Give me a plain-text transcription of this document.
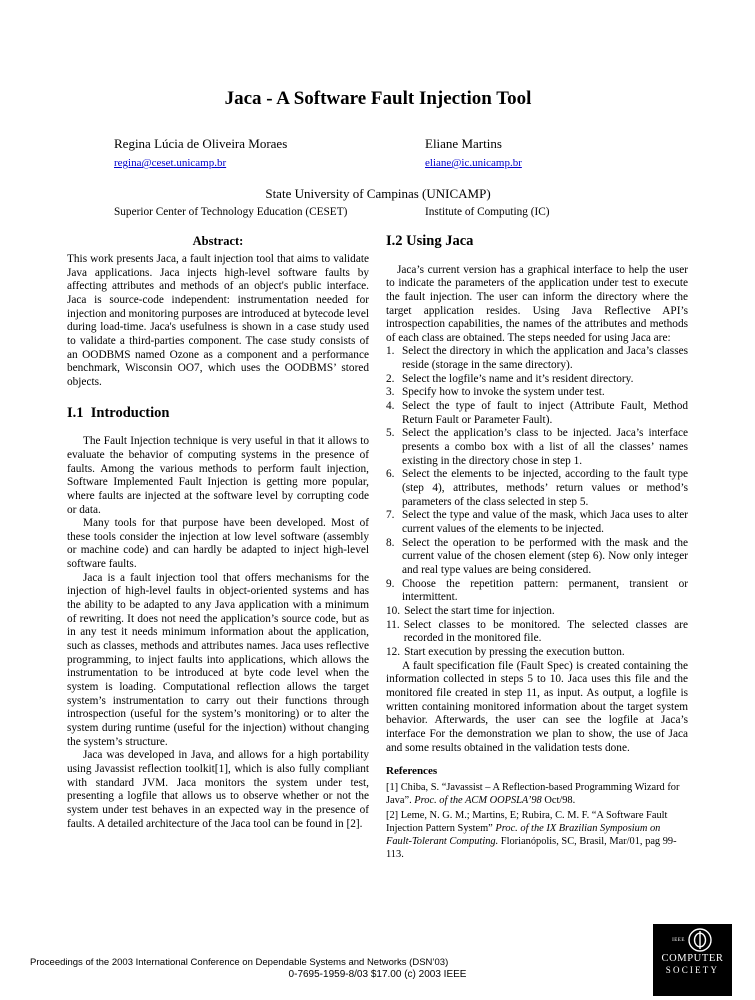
Jaca - A Software Fault Injection Tool
Regina Lúcia de Oliveira Moraes
regina@ceset.unicamp.br
Eliane Martins
eliane@ic.unicamp.br
State University of Campinas (UNICAMP)
Superior Center of Technology Education (CESET)	Institute of Computing (IC)
Abstract:

This work presents Jaca, a fault injection tool that aims to validate Java applications. Jaca injects high-level software faults by affecting attributes and methods of an object's public interface. Jaca is source-code independent: instrumentation needed for injection and monitoring purposes are introduced at bytecode level during load-time. Jaca's usefulness is shown in a case study used to validate a third-parties component. The case study consists of an OODBMS named Ozone as a component and a performance benchmark, Wisconsin OO7, which uses the OODBMS’ stored objects.

I.1  Introduction

The Fault Injection technique is very useful in that it allows to evaluate the behavior of computing systems in the presence of faults. Among the various methods to perform fault injection, Software Implemented Fault Injection is getting more popular, where faults are injected at the software level by corrupting code or data.

Many tools for that purpose have been developed. Most of these tools consider the injection at low level software (assembly or machine code) and can hardly be adapted to inject high-level software faults.

Jaca is a fault injection tool that offers mechanisms for the injection of high-level faults in object-oriented systems and has the ability to be adapted to any Java application with a minimum of rewriting. It does not need the application’s source code, but as in any test it needs minimum information about the application, such as classes, methods and attributes names. Jaca uses reflective programming, to inject faults into applications, which allows the instrumentation to be introduced at byte code level when the system is loading. Computational reflection allows the target system’s instrumentation to carry out their functions through introspection (useful for the system’s monitoring) or to alter the system during runtime (useful for the injection) without changing the system’s structure.

Jaca was developed in Java, and allows for a high portability using Javassist reflection toolkit[1], which is also fully compliant with standard JVM. Jaca monitors the system under test, presenting a logfile that allows us to observe whether or not the system under test behaves in an expected way in the presence of faults. A detailed architecture of the Jaca tool can be found in [2].

I.2 Using Jaca

Jaca’s current version has a graphical interface to help the user to indicate the parameters of the application under test to execute the fault injection. The user can inform the directory where the target application resides. Using Java Reflective API’s introspection capabilities, the names of the attributes and methods of each class are obtained. The steps needed for using Jaca are:

1. Select the directory in which the application and Jaca’s classes reside (storage in the same directory).
2. Select the logfile’s name and it’s resident directory.
3. Specify how to invoke the system under test.
4. Select the type of fault to inject (Attribute Fault, Method Return Fault or Parameter Fault).
5. Select the application’s class to be injected. Jaca’s interface presents a combo box with a list of all the classes’ names existing in the directory chose in step 1.
6. Select the elements to be injected, according to the fault type (step 4), attributes, methods’ return values or method’s parameters of the class selected in step 5.
7. Select the type and value of the mask, which Jaca uses to alter current values of the elements to be injected.
8. Select the operation to be performed with the mask and the current value of the chosen element (step 6). Now only integer and real type values are being considered.
9. Choose the repetition pattern: permanent, transient or intermittent.
10. Select the start time for injection.
11. Select classes to be monitored. The selected classes are recorded in the monitored file.
12. Start execution by pressing the execution button.

A fault specification file (Fault Spec) is created containing the information collected in steps 5 to 10. Jaca uses this file and the monitored file created in step 11, as input. As output, a logfile is written containing monitored information about the target system behavior. Afterwards, the user can see the logfile at Jaca’s interface For the demonstration we plan to show, the use of Jaca and some results obtained in the validation tests done.

References

[1] Chiba, S. “Javassist – A Reflection-based Programming Wizard for Java”. Proc. of the ACM OOPSLA’98 Oct/98.

[2] Leme, N. G. M.; Martins, E; Rubira, C. M. F. “A Software Fault Injection Pattern System” Proc. of the IX Brazilian Symposium on Fault-Tolerant Computing. Florianópolis, SC, Brasil, Mar/01, pag 99-113.

Proceedings of the 2003 International Conference on Dependable Systems and Networks (DSN’03)
0-7695-1959-8/03 $17.00 (c) 2003 IEEE
IEEE
COMPUTER
SOCIETY
